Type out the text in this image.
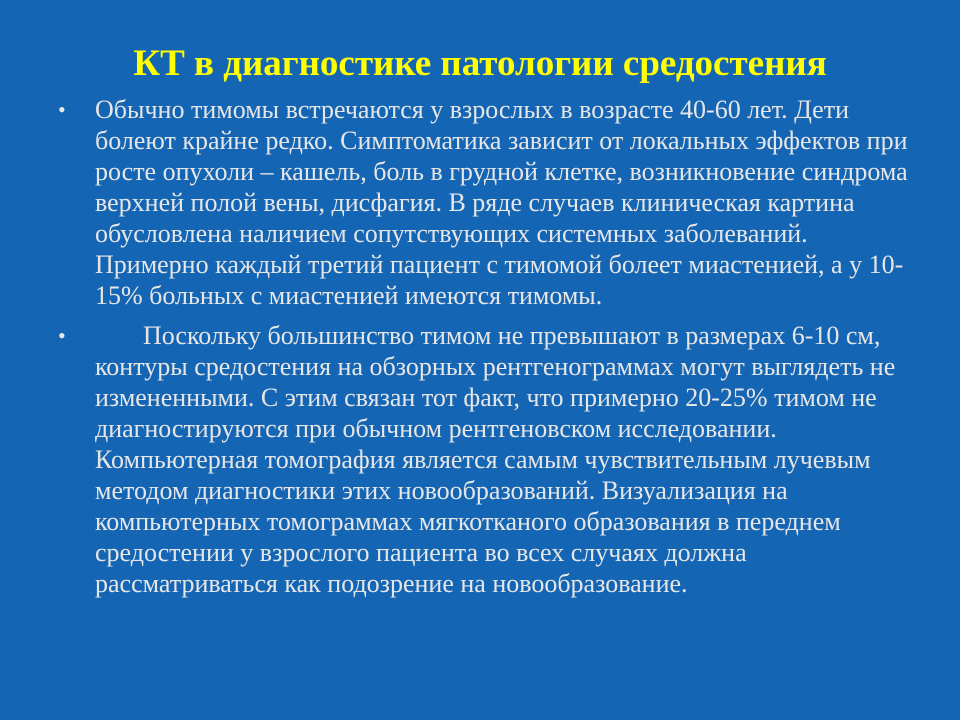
КТ в диагностике патологии средостения
• Обычно тимомы встречаются у взрослых в возрасте 40-60 лет. Дети болеют крайне редко. Симптоматика зависит от локальных эффектов при росте опухоли – кашель, боль в грудной клетке, возникновение синдрома верхней полой вены, дисфагия. В ряде случаев клиническая картина обусловлена наличием сопутствующих системных заболеваний. Примерно каждый третий пациент с тимомой болеет миастенией, а у 10-15% больных с миастенией имеются тимомы.
•	Поскольку большинство тимом не превышают в размерах 6-10 см, контуры средостения на обзорных рентгенограммах могут выглядеть не измененными. С этим связан тот факт, что примерно 20-25% тимом не диагностируются при обычном рентгеновском исследовании. Компьютерная томография является самым чувствительным лучевым методом диагностики этих новообразований. Визуализация на компьютерных томограммах мягкотканого образования в переднем средостении у взрослого пациента во всех случаях должна рассматриваться как подозрение на новообразование.
